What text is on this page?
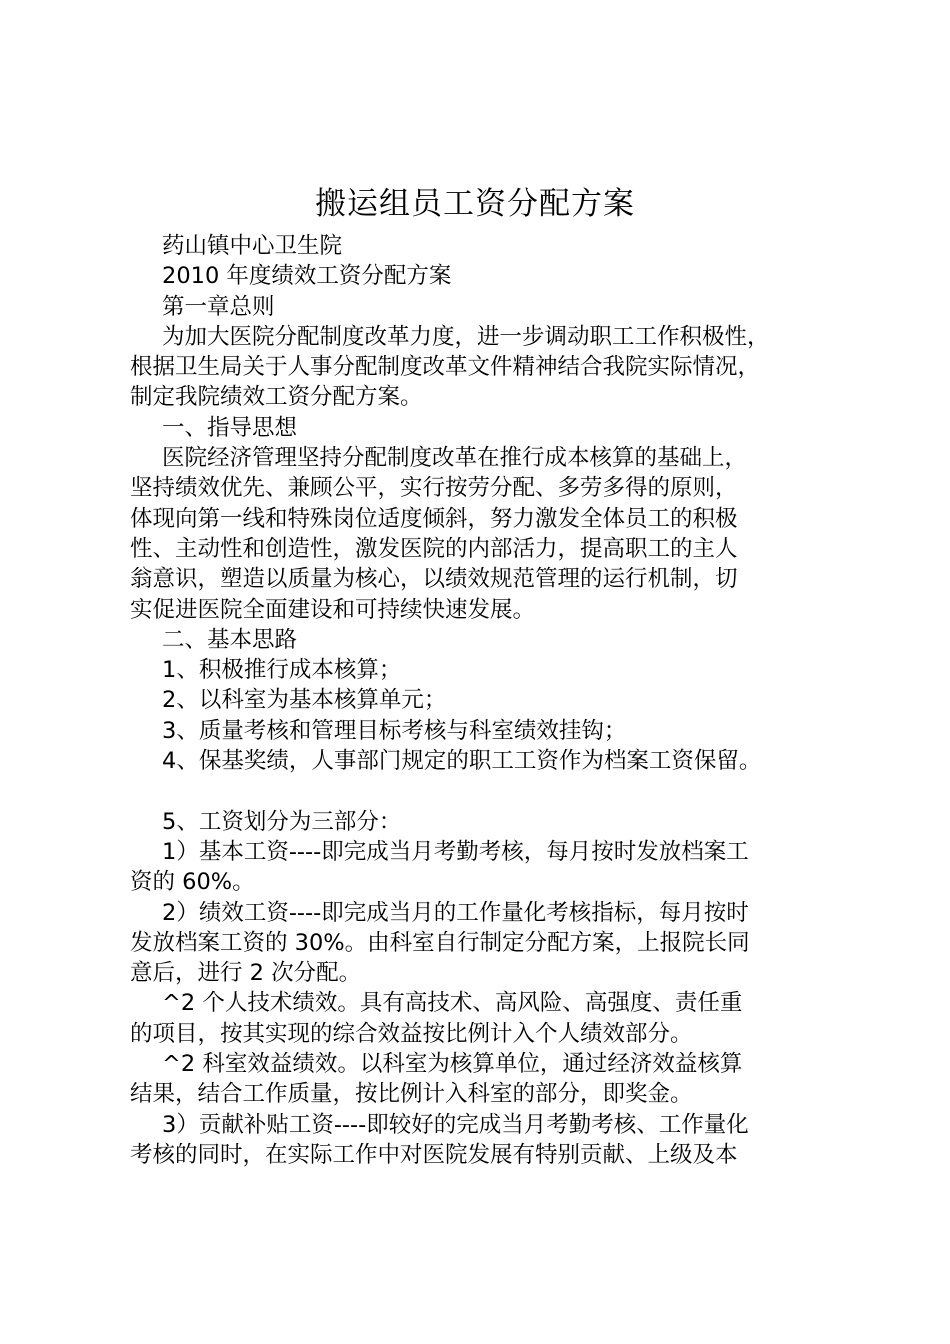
搬运组员工资分配方案

药山镇中心卫生院

2010 年度绩效工资分配方案

第一章总则

为加大医院分配制度改革力度，进一步调动职工工作积极性，

根据卫生局关于人事分配制度改革文件精神结合我院实际情况，

制定我院绩效工资分配方案。

一、指导思想

医院经济管理坚持分配制度改革在推行成本核算的基础上，

坚持绩效优先、兼顾公平，实行按劳分配、多劳多得的原则，

体现向第一线和特殊岗位适度倾斜，努力激发全体员工的积极

性、主动性和创造性，激发医院的内部活力，提高职工的主人

翁意识，塑造以质量为核心，以绩效规范管理的运行机制，切

实促进医院全面建设和可持续快速发展。

二、基本思路

1、积极推行成本核算；

2、以科室为基本核算单元；

3、质量考核和管理目标考核与科室绩效挂钩；

4、保基奖绩，人事部门规定的职工工资作为档案工资保留。

5、工资划分为三部分：

1）基本工资----即完成当月考勤考核，每月按时发放档案工

资的 60%。

2）绩效工资----即完成当月的工作量化考核指标，每月按时

发放档案工资的 30%。由科室自行制定分配方案，上报院长同

意后，进行 2 次分配。

^2 个人技术绩效。具有高技术、高风险、高强度、责任重

的项目，按其实现的综合效益按比例计入个人绩效部分。

^2 科室效益绩效。以科室为核算单位，通过经济效益核算

结果，结合工作质量，按比例计入科室的部分，即奖金。

3）贡献补贴工资----即较好的完成当月考勤考核、工作量化

考核的同时，在实际工作中对医院发展有特别贡献、上级及本
